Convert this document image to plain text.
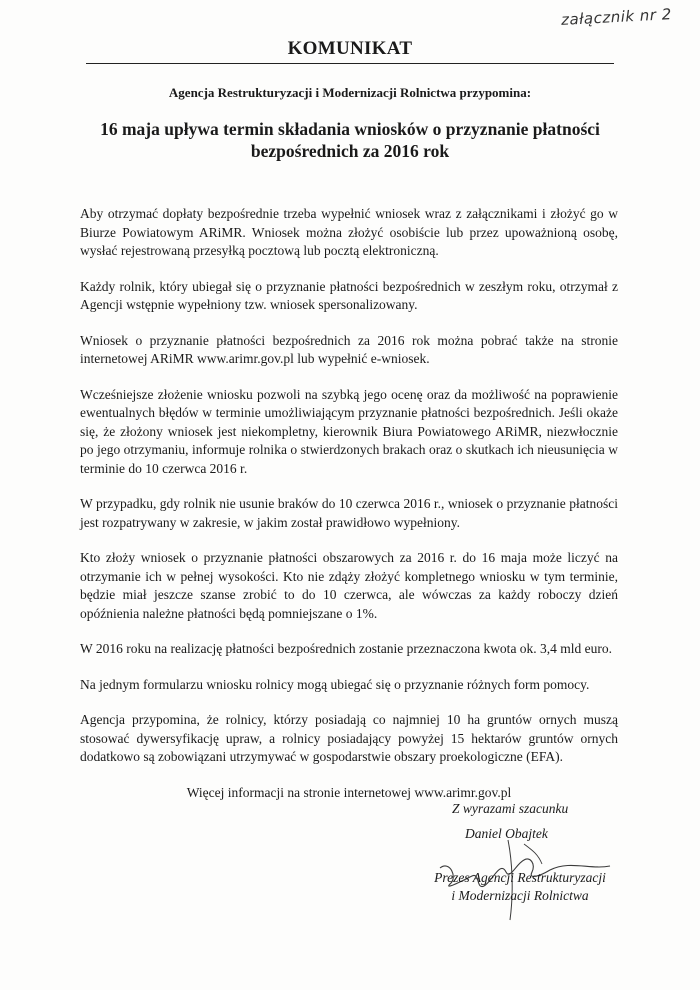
załącznik nr 2
KOMUNIKAT
Agencja Restrukturyzacji i Modernizacji Rolnictwa przypomina:
16 maja upływa termin składania wniosków o przyznanie płatności bezpośrednich za 2016 rok

Aby otrzymać dopłaty bezpośrednie trzeba wypełnić wniosek wraz z załącznikami i złożyć go w Biurze Powiatowym ARiMR. Wniosek można złożyć osobiście lub przez upoważnioną osobę, wysłać rejestrowaną przesyłką pocztową lub pocztą elektroniczną.

Każdy rolnik, który ubiegał się o przyznanie płatności bezpośrednich w zeszłym roku, otrzymał z Agencji wstępnie wypełniony tzw. wniosek spersonalizowany.

Wniosek o przyznanie płatności bezpośrednich za 2016 rok można pobrać także na stronie internetowej ARiMR www.arimr.gov.pl lub wypełnić e-wniosek.

Wcześniejsze złożenie wniosku pozwoli na szybką jego ocenę oraz da możliwość na poprawienie ewentualnych błędów w terminie umożliwiającym przyznanie płatności bezpośrednich. Jeśli okaże się, że złożony wniosek jest niekompletny, kierownik Biura Powiatowego ARiMR, niezwłocznie po jego otrzymaniu, informuje rolnika o stwierdzonych brakach oraz o skutkach ich nieusunięcia w terminie do 10 czerwca 2016 r.

W przypadku, gdy rolnik nie usunie braków do 10 czerwca 2016 r., wniosek o przyznanie płatności jest rozpatrywany w zakresie, w jakim został prawidłowo wypełniony.

Kto złoży wniosek o przyznanie płatności obszarowych za 2016 r. do 16 maja może liczyć na otrzymanie ich w pełnej wysokości. Kto nie zdąży złożyć kompletnego wniosku w tym terminie, będzie miał jeszcze szanse zrobić to do 10 czerwca, ale wówczas za każdy roboczy dzień opóźnienia należne płatności będą pomniejszane o 1%.

W 2016 roku na realizację płatności bezpośrednich zostanie przeznaczona kwota ok. 3,4 mld euro.

Na jednym formularzu wniosku rolnicy mogą ubiegać się o przyznanie różnych form pomocy.

Agencja przypomina, że rolnicy, którzy posiadają co najmniej 10 ha gruntów ornych muszą stosować dywersyfikację upraw, a rolnicy posiadający powyżej 15 hektarów gruntów ornych dodatkowo są zobowiązani utrzymywać w gospodarstwie obszary proekologiczne (EFA).

Więcej informacji na stronie internetowej www.arimr.gov.pl

Z wyrazami szacunku
Daniel Obajtek
Prezes Agencji Restrukturyzacji
i Modernizacji Rolnictwa
